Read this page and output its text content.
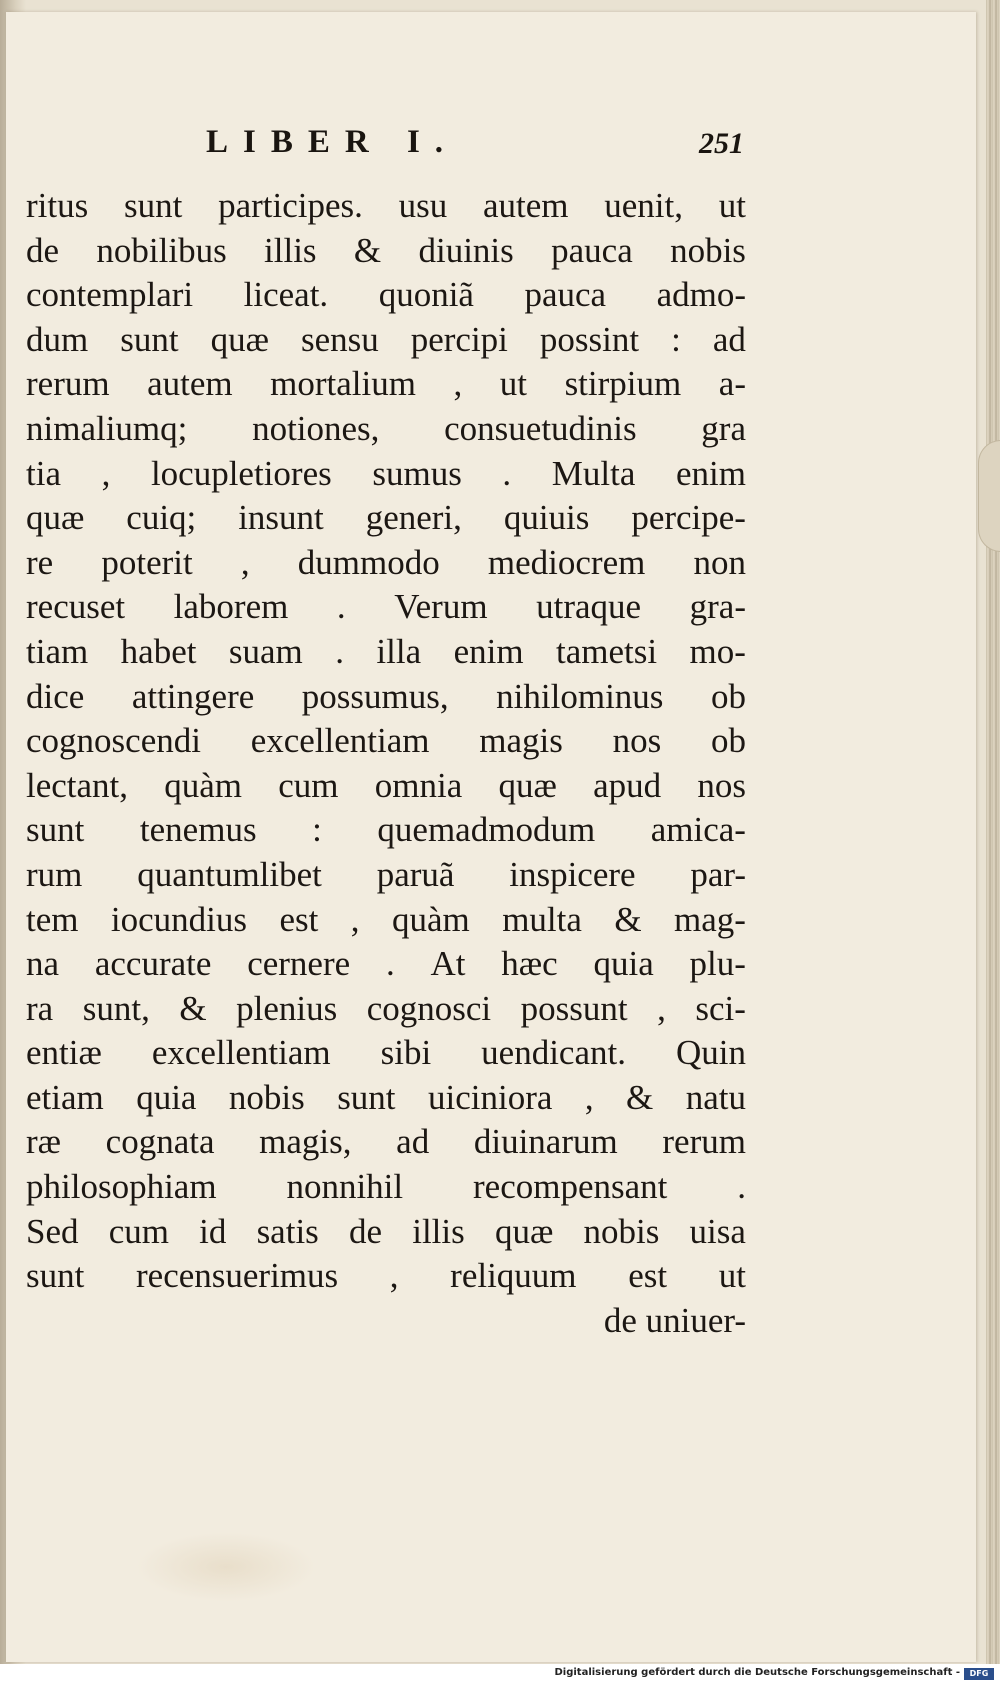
LIBER I.	251
ritus sunt participes. usu autem uenit, ut
de nobilibus illis & diuinis pauca nobis
contemplari liceat. quoniã pauca admo-
dum sunt quæ sensu percipi possint : ad
rerum autem mortalium , ut stirpium a-
nimaliumq; notiones, consuetudinis gra
tia , locupletiores sumus . Multa enim
quæ cuiq; insunt generi, quiuis percipe-
re poterit , dummodo mediocrem non
recuset laborem . Verum utraque gra-
tiam habet suam . illa enim tametsi mo-
dice attingere possumus, nihilominus ob
cognoscendi excellentiam magis nos ob
lectant, quàm cum omnia quæ apud nos
sunt tenemus : quemadmodum amica-
rum quantumlibet paruã inspicere par-
tem iocundius est , quàm multa & mag-
na accurate cernere . At hæc quia plu-
ra sunt, & plenius cognosci possunt , sci-
entiæ excellentiam sibi uendicant. Quin
etiam quia nobis sunt uiciniora , & natu
ræ cognata magis, ad diuinarum rerum
philosophiam nonnihil recompensant .
Sed cum id satis de illis quæ nobis uisa
sunt recensuerimus , reliquum est ut
de uniuer-
Digitalisierung gefördert durch die Deutsche Forschungsgemeinschaft -	DFG
